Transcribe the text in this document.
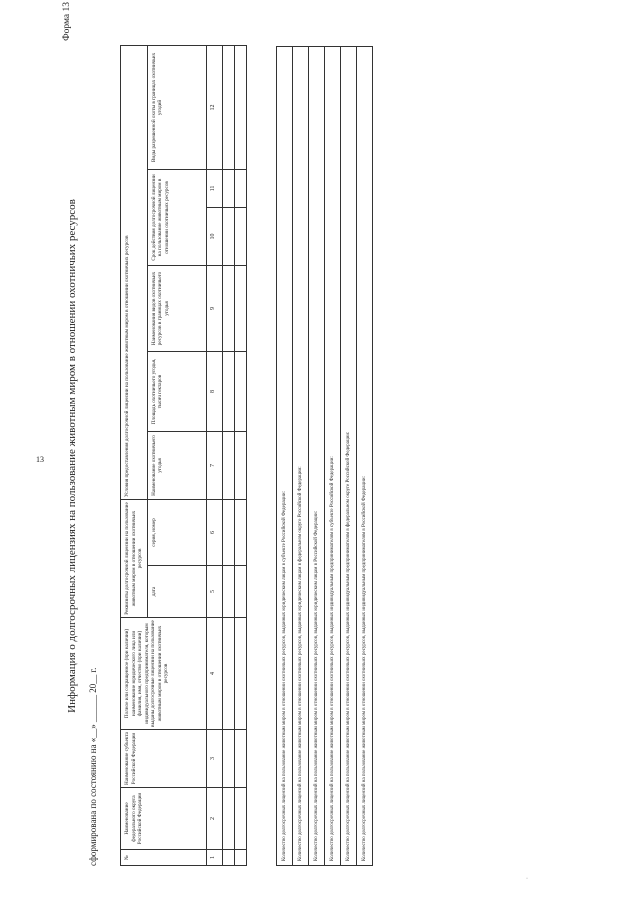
13
·
Форма 13
Информация о долгосрочных лицензиях на пользование животным миром в отношении охотничьих ресурсов
сформирована по состоянию на «__» ______ 20__ г.	№	Наименование федерального округа Российской Федерации	Наименование субъекта Российской Федерации	Полное или сокращенное (при наличии) наименование юридического лица или фамилия, имя, отчество (при наличии) индивидуального предпринимателя, которым выданы долгосрочные лицензии на пользование животным миром в отношении охотничьих ресурсов	Реквизиты долгосрочной лицензии на пользование животным миром в отношении охотничьих ресурсов		Условия предоставления долгосрочной лицензии на пользование животным миром в отношении охотничьих ресурсов					
				дата	серия, номер	Наименование охотничьего угодья	Площадь охотничьего угодья, тысяч гектаров	Наименования видов охотничьих ресурсов в границах охотничьего угодья	Срок действия долгосрочной лицензии на пользование животным миром в отношении охотничьих ресурсов		Виды разрешенной охоты в границах охотничьих угодий
1	2	3	4	5	6	7	8	9	10	11	12

Количество долгосрочных лицензий на пользование животным миром в отношении охотничьих ресурсов, выданных юридическим лицам в субъекте Российской Федерации:
Количество долгосрочных лицензий на пользование животным миром в отношении охотничьих ресурсов, выданных юридическим лицам в федеральном округе Российской Федерации:
Количество долгосрочных лицензий на пользование животным миром в отношении охотничьих ресурсов, выданных юридическим лицам в Российской Федерации:
Количество долгосрочных лицензий на пользование животным миром в отношении охотничьих ресурсов, выданных индивидуальным предпринимателям в субъекте Российской Федерации:
Количество долгосрочных лицензий на пользование животным миром в отношении охотничьих ресурсов, выданных индивидуальным предпринимателям в федеральном округе Российской Федерации:
Количество долгосрочных лицензий на пользование животным миром в отношении охотничьих ресурсов, выданных индивидуальным предпринимателям в Российской Федерации:
